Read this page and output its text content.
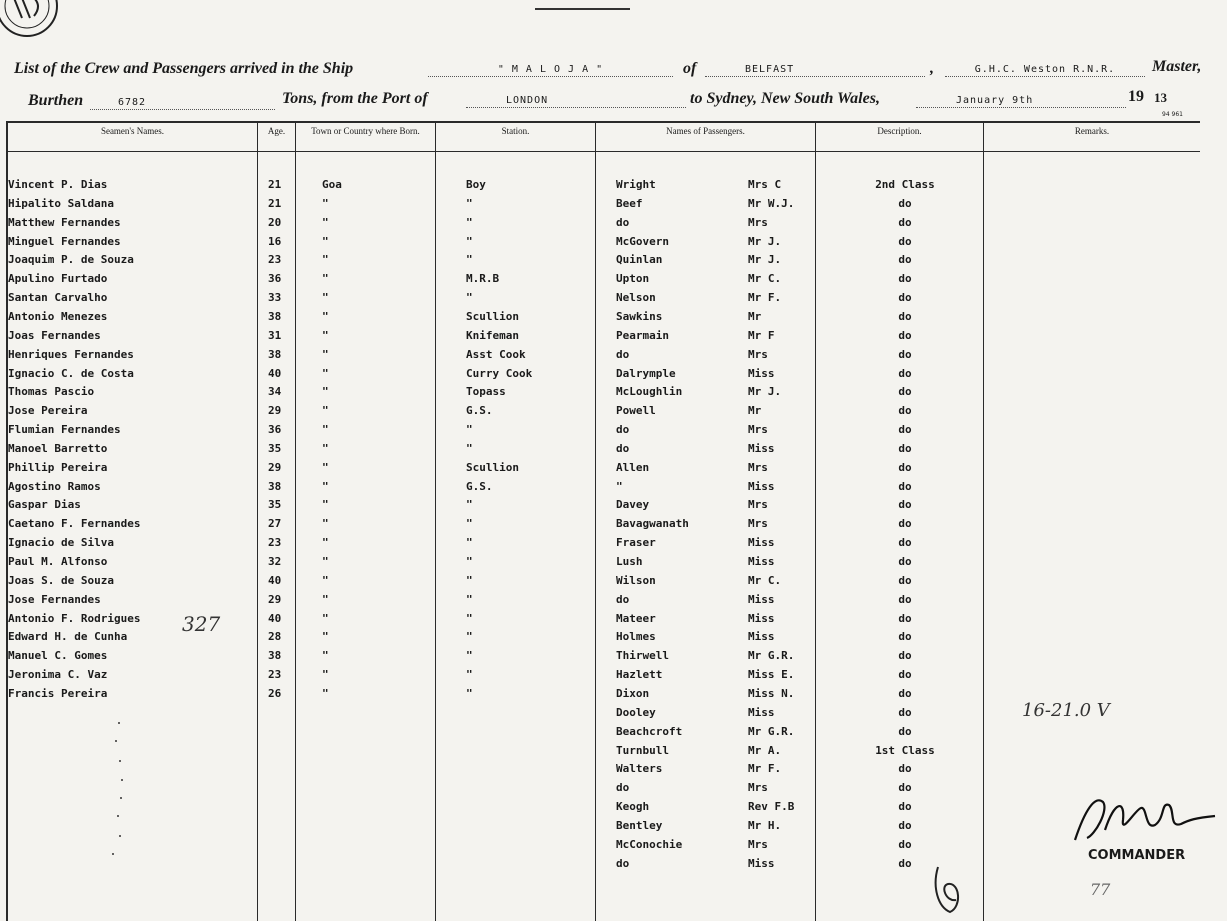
List of the Crew and Passengers arrived in the Ship	" M A L O J A "	of	BELFAST	,	G.H.C. Weston R.N.R.	Master,
Burthen	6782	Tons, from the Port of	LONDON	to Sydney, New South Wales,	January 9th	19 13
94 961
Seamen's Names.	Age.	Town or Country where Born.	Station.	Names of Passengers.	Description.	Remarks.
Vincent P. Dias	21	Goa	Boy	Wright	Mrs C	2nd Class
Hipalito Saldana	21	"	"	Beef	Mr W.J.	do
Matthew Fernandes	20	"	"	do	Mrs	do
Minguel Fernandes	16	"	"	McGovern	Mr J.	do
Joaquim P. de Souza	23	"	"	Quinlan	Mr J.	do
Apulino Furtado	36	"	M.R.B	Upton	Mr C.	do
Santan Carvalho	33	"	"	Nelson	Mr F.	do
Antonio Menezes	38	"	Scullion	Sawkins	Mr	do
Joas Fernandes	31	"	Knifeman	Pearmain	Mr F	do
Henriques Fernandes	38	"	Asst Cook	do	Mrs	do
Ignacio C. de Costa	40	"	Curry Cook	Dalrymple	Miss	do
Thomas Pascio	34	"	Topass	McLoughlin	Mr J.	do
Jose Pereira	29	"	G.S.	Powell	Mr	do
Flumian Fernandes	36	"	"	do	Mrs	do
Manoel Barretto	35	"	"	do	Miss	do
Phillip Pereira	29	"	Scullion	Allen	Mrs	do
Agostino Ramos	38	"	G.S.	"	Miss	do
Gaspar Dias	35	"	"	Davey	Mrs	do
Caetano F. Fernandes	27	"	"	Bavagwanath	Mrs	do
Ignacio de Silva	23	"	"	Fraser	Miss	do
Paul M. Alfonso	32	"	"	Lush	Miss	do
Joas S. de Souza	40	"	"	Wilson	Mr C.	do
Jose Fernandes	29	"	"	do	Miss	do
Antonio F. Rodrigues	40	"	"	Mateer	Miss	do
Edward H. de Cunha	28	"	"	Holmes	Miss	do
Manuel C. Gomes	38	"	"	Thirwell	Mr G.R.	do
Jeronima C. Vaz	23	"	"	Hazlett	Miss E.	do
Francis Pereira	26	"	"	Dixon	Miss N.	do
Dooley	Miss	do
Beachcroft	Mr G.R.	do
Turnbull	Mr A.	1st Class
Walters	Mr F.	do
do	Mrs	do
Keogh	Rev F.B	do
Bentley	Mr H.	do
McConochie	Mrs	do
do	Miss	do
327
16-21.0 V
77
COMMANDER
